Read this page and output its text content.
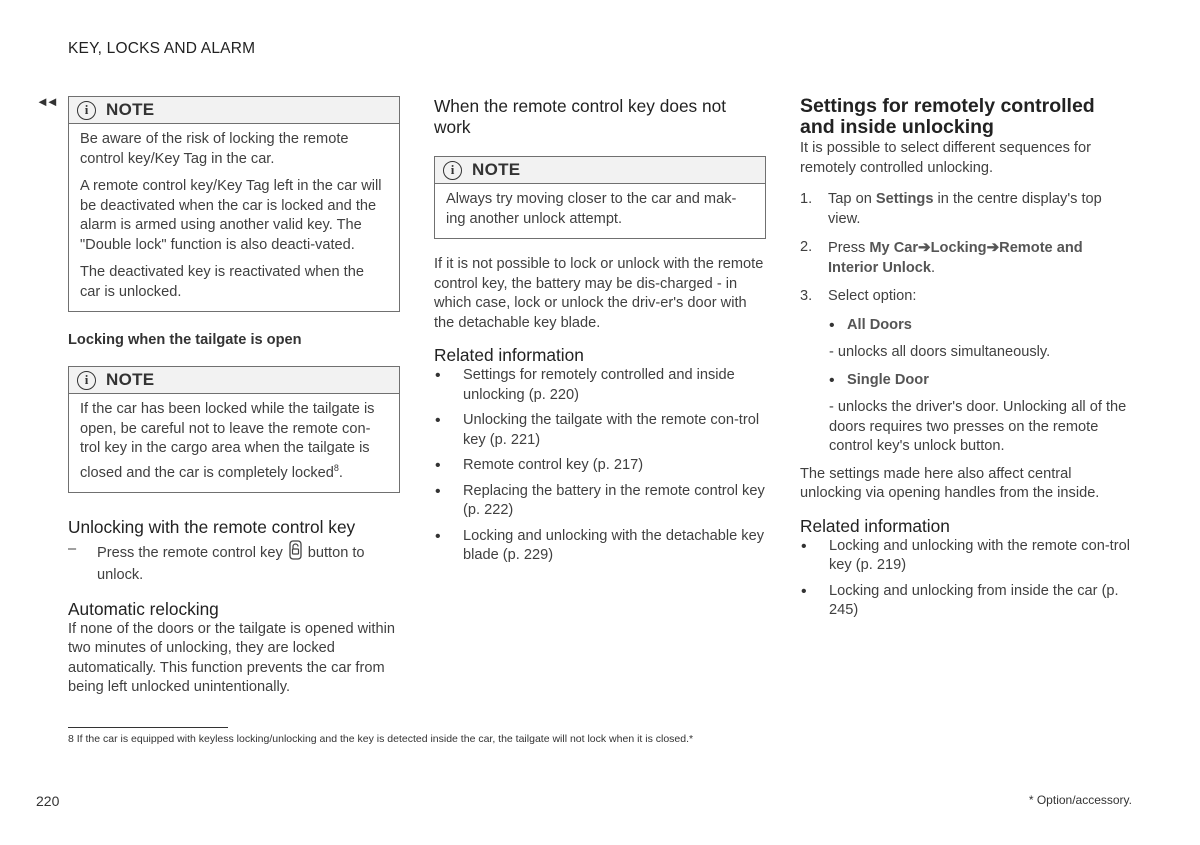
KEY, LOCKS AND ALARM
◄◄
i	NOTE

Be aware of the risk of locking the remote control key/Key Tag in the car.

A remote control key/Key Tag left in the car will be deactivated when the car is locked and the alarm is armed using another valid key. The "Double lock" function is also deacti-vated.

The deactivated key is reactivated when the car is unlocked.

Locking when the tailgate is open
i	NOTE

If the car has been locked while the tailgate is open, be careful not to leave the remote con-trol key in the cargo area when the tailgate is closed and the car is completely locked$^8$.

Unlocking with the remote control key
– Press the remote control key button to unlock.
Automatic relocking

If none of the doors or the tailgate is opened within two minutes of unlocking, they are locked automatically. This function prevents the car from being left unlocked unintentionally.

When the remote control key does not work
i	NOTE

Always try moving closer to the car and mak-ing another unlock attempt.

If it is not possible to lock or unlock with the remote control key, the battery may be dis-charged - in which case, lock or unlock the driv-er's door with the detachable key blade.

Related information
• Settings for remotely controlled and inside unlocking (p. 220)
• Unlocking the tailgate with the remote con-trol key (p. 221)
• Remote control key (p. 217)
• Replacing the battery in the remote control key (p. 222)
• Locking and unlocking with the detachable key blade (p. 229)
Settings for remotely controlled and inside unlocking

It is possible to select different sequences for remotely controlled unlocking.

1. Tap on Settings in the centre display's top view.
2. Press My Car➔Locking➔Remote and Interior Unlock.
3. Select option:
• All Doors
- unlocks all doors simultaneously.
• Single Door
- unlocks the driver's door. Unlocking all of the doors requires two presses on the remote control key's unlock button.

The settings made here also affect central unlocking via opening handles from the inside.

Related information
• Locking and unlocking with the remote con-trol key (p. 219)
• Locking and unlocking from inside the car (p. 245)
8 If the car is equipped with keyless locking/unlocking and the key is detected inside the car, the tailgate will not lock when it is closed.*
220	* Option/accessory.
